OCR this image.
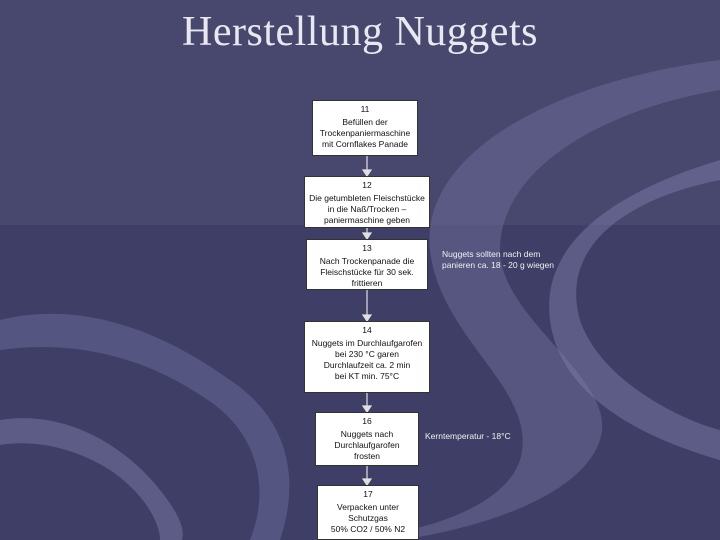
Herstellung Nuggets
11
Befüllen der
Trockenpaniermaschine
mit Cornflakes Panade
12
Die getumbleten Fleischstücke
in die Naß/Trocken –
paniermaschine geben
13
Nach Trockenpanade die
Fleischstücke für 30 sek.
frittieren
14
Nuggets im Durchlaufgarofen
bei 230 °C garen
Durchlaufzeit ca. 2 min
bei KT min. 75°C
16
Nuggets nach
Durchlaufgarofen
frosten
17
Verpacken unter
Schutzgas
50% CO2 / 50% N2
Nuggets sollten nach dem
panieren ca. 18 - 20 g wiegen
Kerntemperatur - 18°C
